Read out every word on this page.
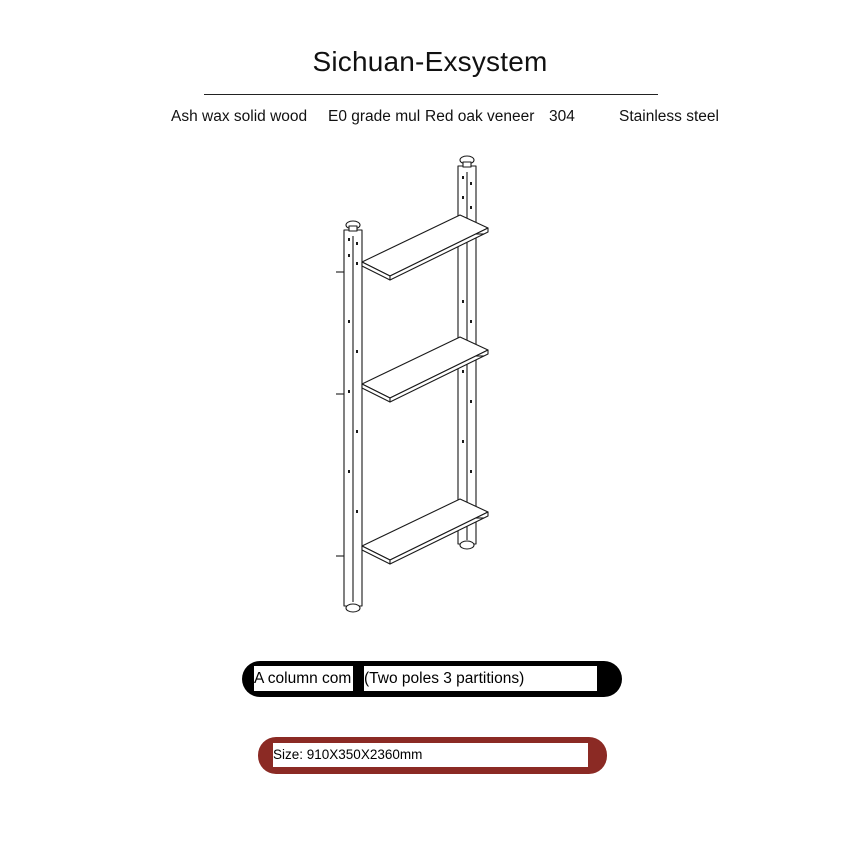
Sichuan-Exsystem
Ash wax solid wood E0 grade mul Red oak veneer 304	Stainless steel
A column com (Two poles 3 partitions)
Size: 910X350X2360mm
